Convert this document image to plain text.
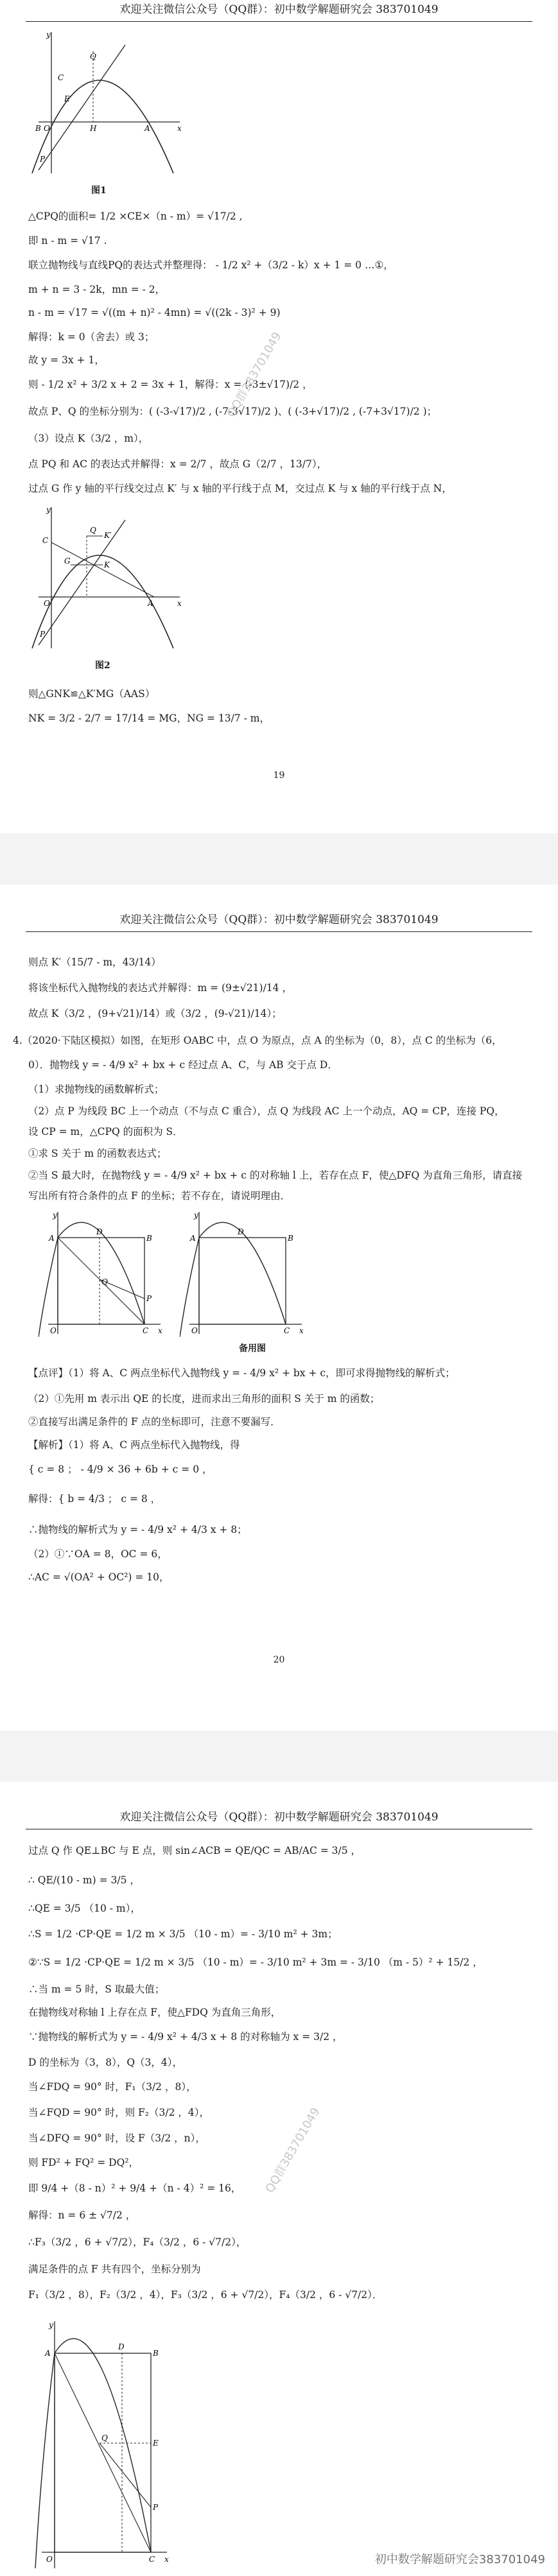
欢迎关注微信公众号（QQ群）：初中数学解题研究会 383701049
y
x
O
C
E
Q
H	A
B
P
图1
△CPQ的面积= 1/2 ×CE×（n - m）= √17/2 ,
即 n - m = √17 .
联立抛物线与直线PQ的表达式并整理得： - 1/2 x² +（3/2 - k）x + 1 = 0 …①，
m + n = 3 - 2k，mn = - 2，
n - m = √17 = √((m + n)² - 4mn) = √((2k - 3)² + 9)
解得：k = 0（舍去）或 3；
故 y = 3x + 1，
则 - 1/2 x² + 3/2 x + 2 = 3x + 1，解得：x = (-3±√17)/2 ，
故点 P、Q 的坐标分别为：( (-3-√17)/2 , (-7-3√17)/2 )、( (-3+√17)/2 , (-7+3√17)/2 )；
（3）设点 K（3/2 ，m），
点 PQ 和 AC 的表达式并解得：x = 2/7 ，故点 G（2/7 ，13/7），
过点 G 作 y 轴的平行线交过点 K′ 与 x 轴的平行线于点 M，交过点 K 与 x 轴的平行线于点 N，
y
x
O
C
K′
K
G
Q
A
P
图2
则△GNK≌△K′MG（AAS）
NK = 3/2 - 2/7 = 17/14 = MG，NG = 13/7 - m，
19
QQ群383701049
欢迎关注微信公众号（QQ群）：初中数学解题研究会 383701049
则点 K′（15/7 - m，43/14）
将该坐标代入抛物线的表达式并解得：m = (9±√21)/14 ，
故点 K（3/2 ，(9+√21)/14）或（3/2 ，(9-√21)/14）；
4.（2020·下陆区模拟）如图，在矩形 OABC 中，点 O 为原点，点 A 的坐标为（0，8），点 C 的坐标为（6，
0）．抛物线 y = - 4/9 x² + bx + c 经过点 A、C，与 AB 交于点 D．
（1）求抛物线的函数解析式；
（2）点 P 为线段 BC 上一个动点（不与点 C 重合），点 Q 为线段 AC 上一个动点，AQ = CP，连接 PQ，
设 CP = m，△CPQ 的面积为 S．
①求 S 关于 m 的函数表达式；
②当 S 最大时，在抛物线 y = - 4/9 x² + bx + c 的对称轴 l 上，若存在点 F，使△DFQ 为直角三角形，请直接
写出所有符合条件的点 F 的坐标；若不存在，请说明理由．
y
x
O
A
D
B
P
Q
C
y
x
O
A
D
B
C
备用图
【点评】（1）将 A、C 两点坐标代入抛物线 y = - 4/9 x² + bx + c，即可求得抛物线的解析式；
（2）①先用 m 表示出 QE 的长度，进而求出三角形的面积 S 关于 m 的函数；
②直接写出满足条件的 F 点的坐标即可，注意不要漏写．
【解析】（1）将 A、C 两点坐标代入抛物线，得
{ c = 8 ； - 4/9 × 36 + 6b + c = 0 ，
解得：{ b = 4/3 ； c = 8 ，
∴抛物线的解析式为 y = - 4/9 x² + 4/3 x + 8；
（2）①∵OA = 8，OC = 6，
∴AC = √(OA² + OC²) = 10，
20
欢迎关注微信公众号（QQ群）：初中数学解题研究会 383701049
过点 Q 作 QE⊥BC 与 E 点，则 sin∠ACB = QE/QC = AB/AC = 3/5 ，
∴ QE/(10 - m) = 3/5 ，
∴QE = 3/5 （10 - m），
∴S = 1/2 ·CP·QE = 1/2 m × 3/5 （10 - m）= - 3/10 m² + 3m；
②∵S = 1/2 ·CP·QE = 1/2 m × 3/5 （10 - m）= - 3/10 m² + 3m = - 3/10 （m - 5）² + 15/2 ，
∴当 m = 5 时，S 取最大值；
在抛物线对称轴 l 上存在点 F，使△FDQ 为直角三角形，
∵抛物线的解析式为 y = - 4/9 x² + 4/3 x + 8 的对称轴为 x = 3/2 ，
D 的坐标为（3，8），Q（3，4），
当∠FDQ = 90° 时，F₁（3/2 ，8），
当∠FQD = 90° 时，则 F₂（3/2 ，4），
当∠DFQ = 90° 时，设 F（3/2 ，n），
则 FD² + FQ² = DQ²，
即 9/4 +（8 - n）² + 9/4 +（n - 4）² = 16，
解得：n = 6 ± √7/2 ，
∴F₃（3/2 ，6 + √7/2），F₄（3/2 ，6 - √7/2），
满足条件的点 F 共有四个，坐标分别为
F₁（3/2 ，8），F₂（3/2 ，4），F₃（3/2 ，6 + √7/2），F₄（3/2 ，6 - √7/2）．
y
x
O
A
D
B
E
P
Q
C
QQ群383701049
初中数学解题研究会383701049
